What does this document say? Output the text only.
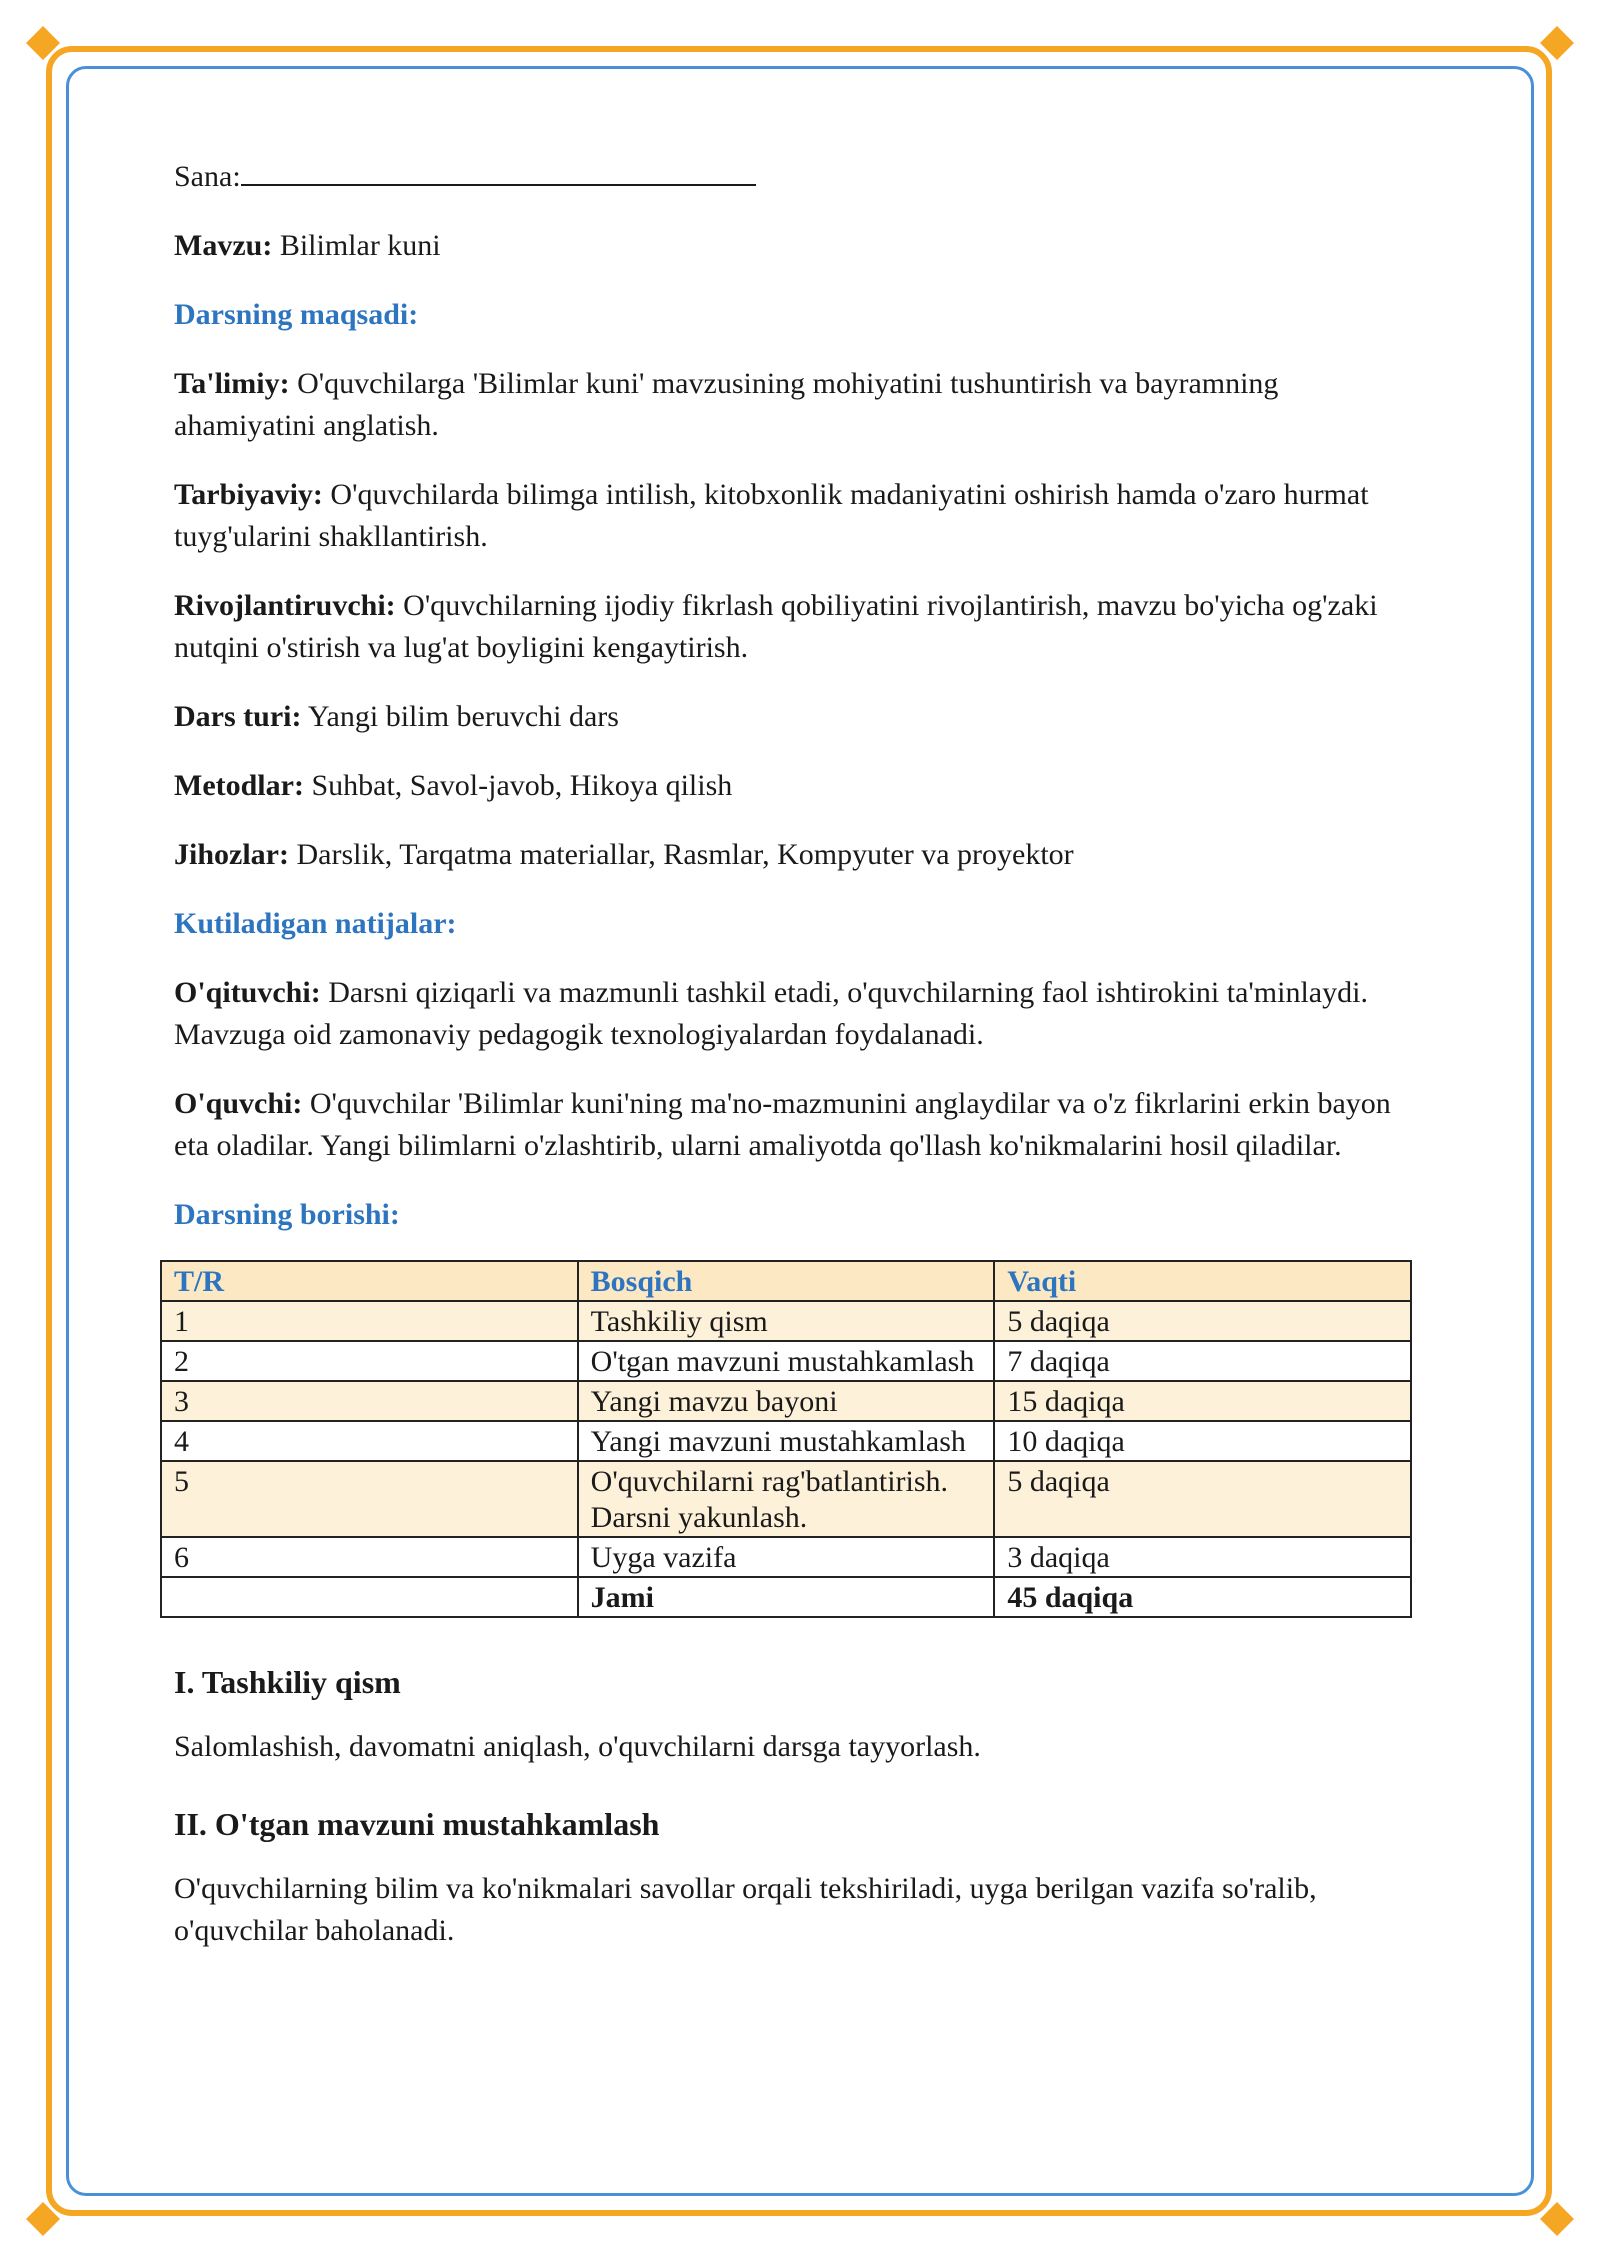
Sana:

Mavzu: Bilimlar kuni

Darsning maqsadi:

Ta'limiy: O'quvchilarga 'Bilimlar kuni' mavzusining mohiyatini tushuntirish va bayramning ahamiyatini anglatish.

Tarbiyaviy: O'quvchilarda bilimga intilish, kitobxonlik madaniyatini oshirish hamda o'zaro hurmat tuyg'ularini shakllantirish.

Rivojlantiruvchi: O'quvchilarning ijodiy fikrlash qobiliyatini rivojlantirish, mavzu bo'yicha og'zaki nutqini o'stirish va lug'at boyligini kengaytirish.

Dars turi: Yangi bilim beruvchi dars

Metodlar: Suhbat, Savol-javob, Hikoya qilish

Jihozlar: Darslik, Tarqatma materiallar, Rasmlar, Kompyuter va proyektor

Kutiladigan natijalar:

O'qituvchi: Darsni qiziqarli va mazmunli tashkil etadi, o'quvchilarning faol ishtirokini ta'minlaydi. Mavzuga oid zamonaviy pedagogik texnologiyalardan foydalanadi.

O'quvchi: O'quvchilar 'Bilimlar kuni'ning ma'no-mazmunini anglaydilar va o'z fikrlarini erkin bayon eta oladilar. Yangi bilimlarni o'zlashtirib, ularni amaliyotda qo'llash ko'nikmalarini hosil qiladilar.

Darsning borishi:
T/R	Bosqich	Vaqti
1	Tashkiliy qism	5 daqiqa
2	O'tgan mavzuni mustahkamlash	7 daqiqa
3	Yangi mavzu bayoni	15 daqiqa
4	Yangi mavzuni mustahkamlash	10 daqiqa
5	O'quvchilarni rag'batlantirish. Darsni yakunlash.	5 daqiqa
6	Uyga vazifa	3 daqiqa
	Jami	45 daqiqa
I. Tashkiliy qism

Salomlashish, davomatni aniqlash, o'quvchilarni darsga tayyorlash.

II. O'tgan mavzuni mustahkamlash

O'quvchilarning bilim va ko'nikmalari savollar orqali tekshiriladi, uyga berilgan vazifa so'ralib, o'quvchilar baholanadi.
